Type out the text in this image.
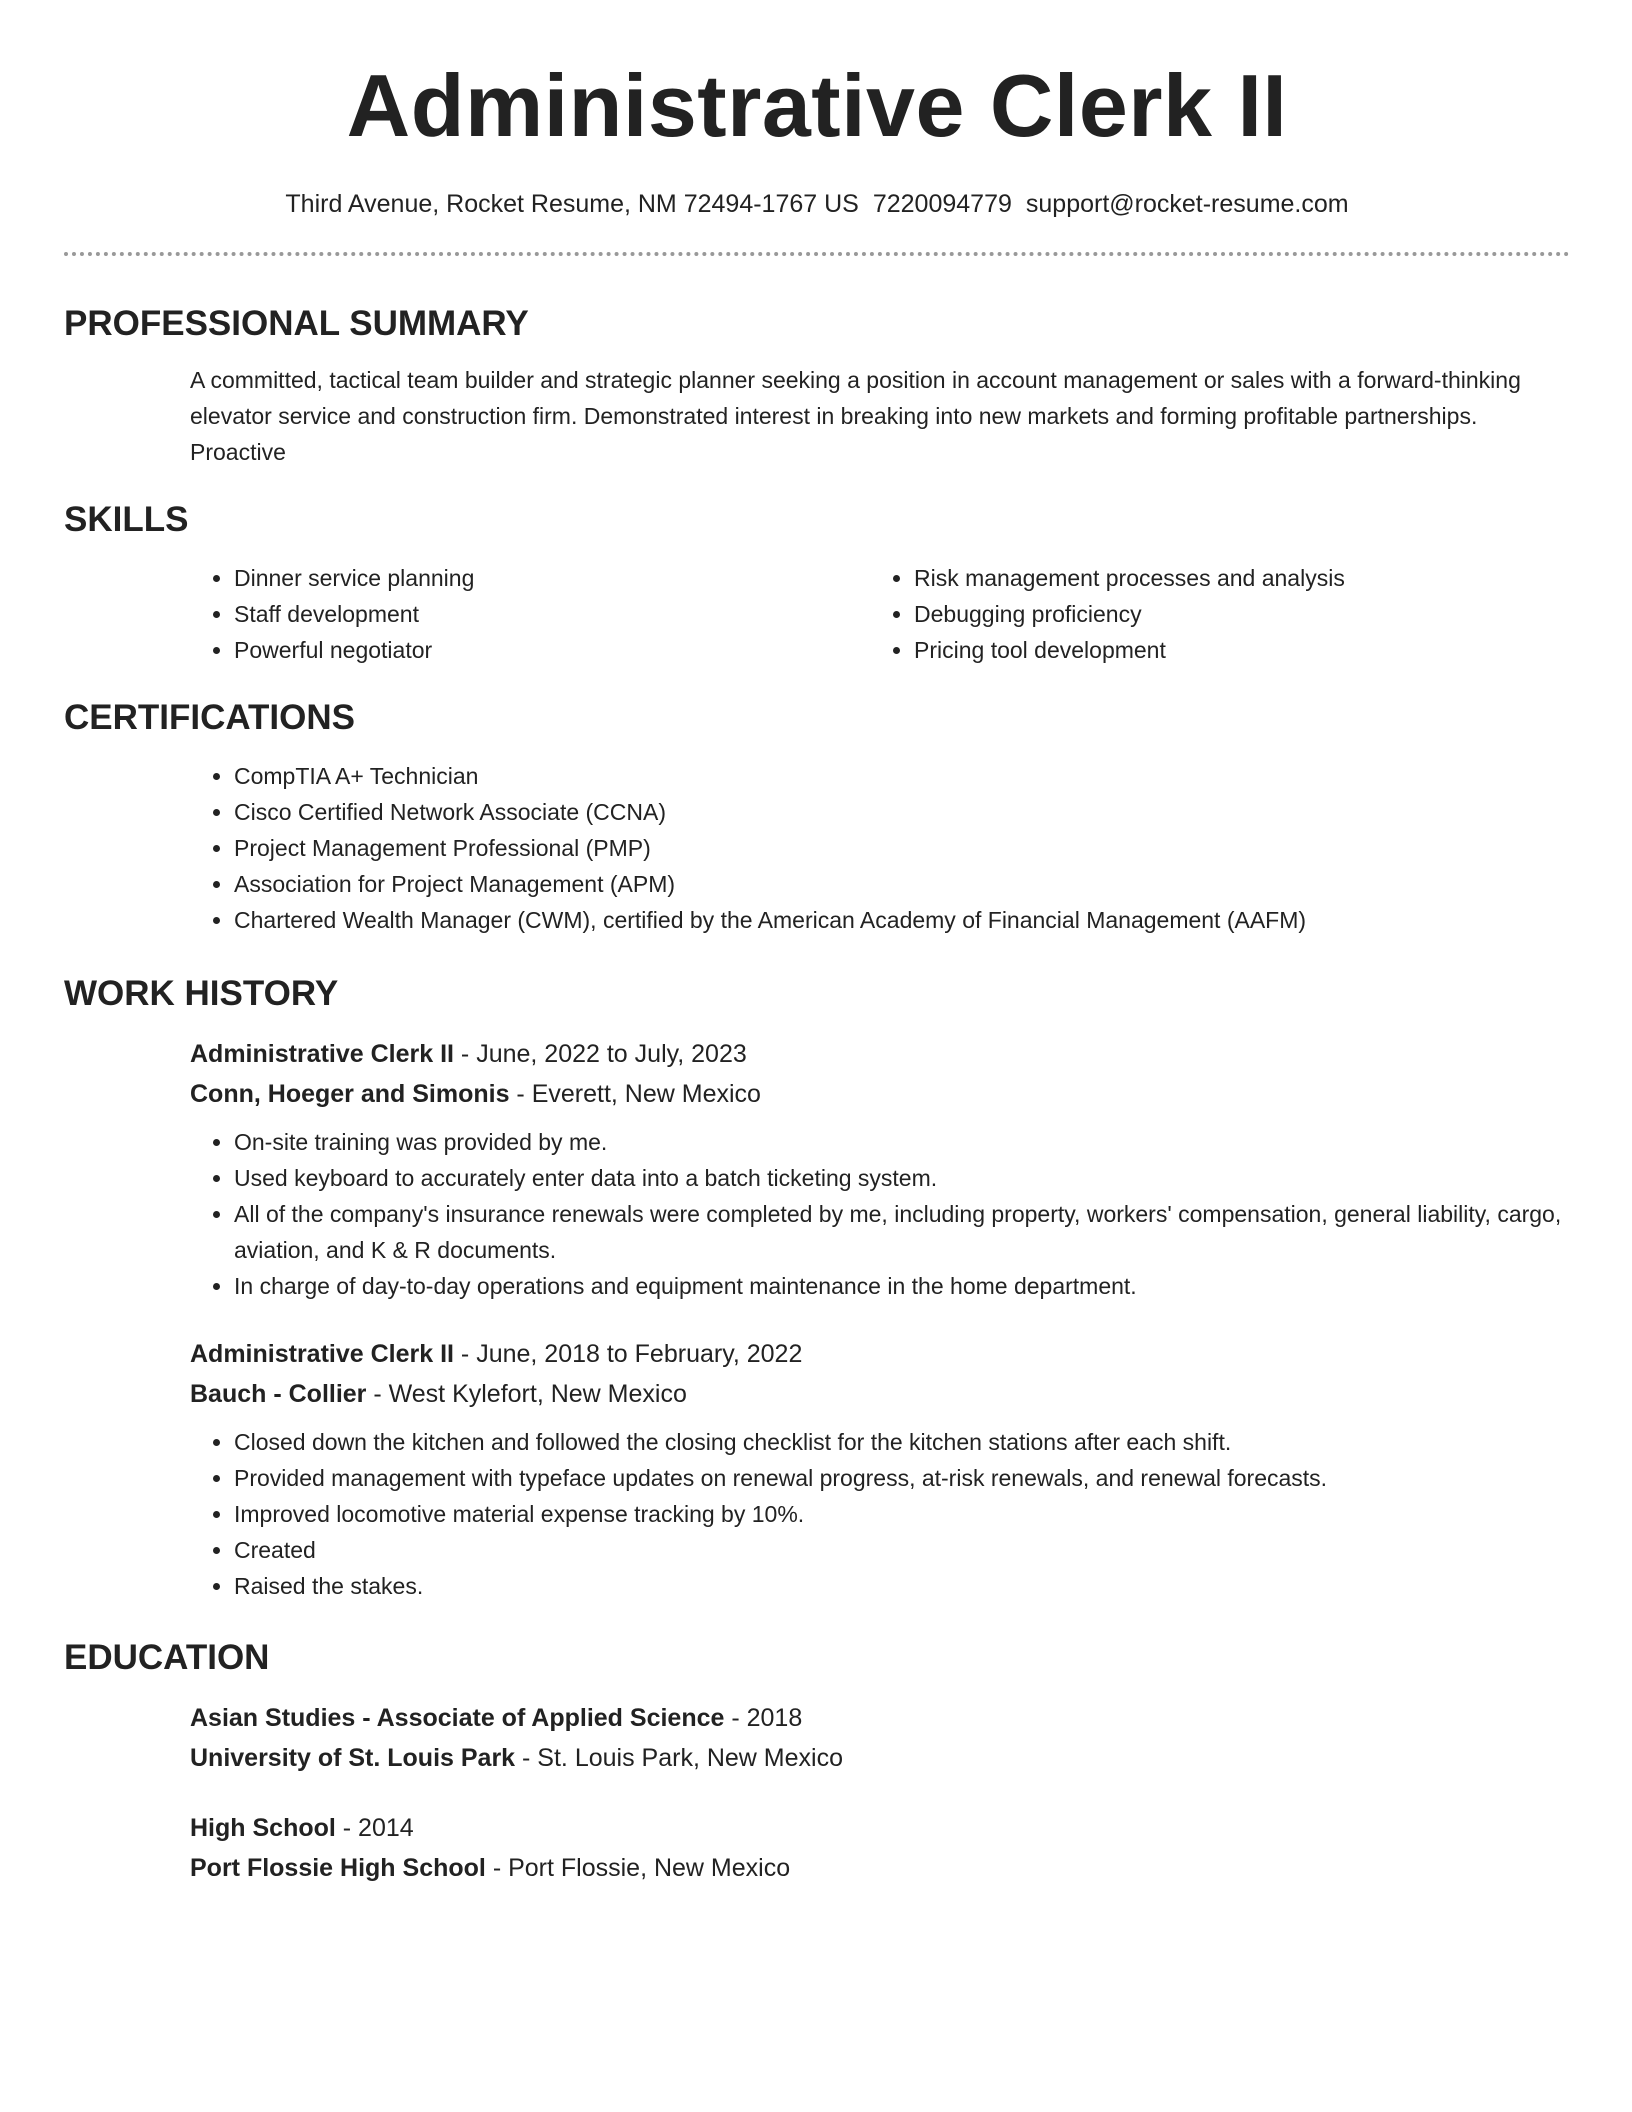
Administrative Clerk II
Third Avenue, Rocket Resume, NM 72494-1767 US 7220094779 support@rocket-resume.com
PROFESSIONAL SUMMARY
A committed, tactical team builder and strategic planner seeking a position in account management or sales with a forward-thinking elevator service and construction firm. Demonstrated interest in breaking into new markets and forming profitable partnerships. Proactive
SKILLS
• Dinner service planning
• Staff development
• Powerful negotiator
• Risk management processes and analysis
• Debugging proficiency
• Pricing tool development
CERTIFICATIONS
• CompTIA A+ Technician
• Cisco Certified Network Associate (CCNA)
• Project Management Professional (PMP)
• Association for Project Management (APM)
• Chartered Wealth Manager (CWM), certified by the American Academy of Financial Management (AAFM)
WORK HISTORY
Administrative Clerk II - June, 2022 to July, 2023
Conn, Hoeger and Simonis - Everett, New Mexico
• On-site training was provided by me.
• Used keyboard to accurately enter data into a batch ticketing system.
• All of the company's insurance renewals were completed by me, including property, workers' compensation, general liability, cargo, aviation, and K & R documents.
• In charge of day-to-day operations and equipment maintenance in the home department.
Administrative Clerk II - June, 2018 to February, 2022
Bauch - Collier - West Kylefort, New Mexico
• Closed down the kitchen and followed the closing checklist for the kitchen stations after each shift.
• Provided management with typeface updates on renewal progress, at-risk renewals, and renewal forecasts.
• Improved locomotive material expense tracking by 10%.
• Created
• Raised the stakes.
EDUCATION
Asian Studies - Associate of Applied Science - 2018
University of St. Louis Park - St. Louis Park, New Mexico
High School - 2014
Port Flossie High School - Port Flossie, New Mexico
